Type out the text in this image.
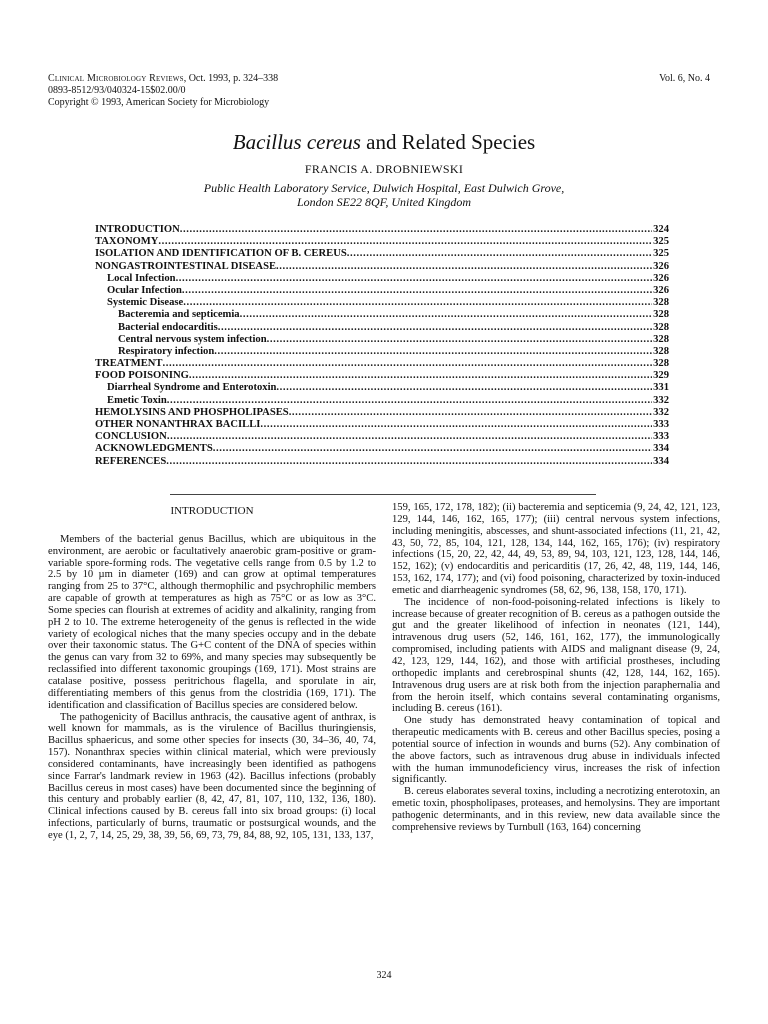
Clinical Microbiology Reviews, Oct. 1993, p. 324–338
0893-8512/93/040324-15$02.00/0
Copyright © 1993, American Society for Microbiology
Vol. 6, No. 4
Bacillus cereus and Related Species
FRANCIS A. DROBNIEWSKI
Public Health Laboratory Service, Dulwich Hospital, East Dulwich Grove,
London SE22 8QF, United Kingdom
INTRODUCTION .....	324
TAXONOMY .....	325
ISOLATION AND IDENTIFICATION OF B. CEREUS .....	325
NONGASTROINTESTINAL DISEASE .....	326
Local Infection .....	326
Ocular Infection .....	326
Systemic Disease .....	328
Bacteremia and septicemia .....	328
Bacterial endocarditis .....	328
Central nervous system infection .....	328
Respiratory infection .....	328
TREATMENT .....	328
FOOD POISONING .....	329
Diarrheal Syndrome and Enterotoxin .....	331
Emetic Toxin .....	332
HEMOLYSINS AND PHOSPHOLIPASES .....	332
OTHER NONANTHRAX BACILLI .....	333
CONCLUSION .....	333
ACKNOWLEDGMENTS .....	334
REFERENCES .....	334
INTRODUCTION

Members of the bacterial genus Bacillus, which are ubiquitous in the environment, are aerobic or facultatively anaerobic gram-positive or gram-variable spore-forming rods. The vegetative cells range from 0.5 by 1.2 to 2.5 by 10 µm in diameter (169) and can grow at optimal temperatures ranging from 25 to 37°C, although thermophilic and psychrophilic members are capable of growth at temperatures as high as 75°C or as low as 3°C. Some species can flourish at extremes of acidity and alkalinity, ranging from pH 2 to 10. The extreme heterogeneity of the genus is reflected in the wide variety of ecological niches that the many species occupy and in the debate over their taxonomic status. The G+C content of the DNA of species within the genus can vary from 32 to 69%, and many species may subsequently be reclassified into different taxonomic groupings (169, 171). Most strains are catalase positive, possess peritrichous flagella, and sporulate in air, differentiating members of this genus from the clostridia (169, 171). The identification and classification of Bacillus species are considered below.

The pathogenicity of Bacillus anthracis, the causative agent of anthrax, is well known for mammals, as is the virulence of Bacillus thuringiensis, Bacillus sphaericus, and some other species for insects (30, 34–36, 40, 74, 157). Nonanthrax species within clinical material, which were previously considered contaminants, have increasingly been identified as pathogens since Farrar's landmark review in 1963 (42). Bacillus infections (probably Bacillus cereus in most cases) have been documented since the beginning of this century and probably earlier (8, 42, 47, 81, 107, 110, 132, 136, 180). Clinical infections caused by B. cereus fall into six broad groups: (i) local infections, particularly of burns, traumatic or postsurgical wounds, and the eye (1, 2, 7, 14, 25, 29, 38, 39, 56, 69, 73, 79, 84, 88, 92, 105, 131, 133, 137,

159, 165, 172, 178, 182); (ii) bacteremia and septicemia (9, 24, 42, 121, 123, 129, 144, 146, 162, 165, 177); (iii) central nervous system infections, including meningitis, abscesses, and shunt-associated infections (11, 21, 42, 43, 50, 72, 85, 104, 121, 128, 134, 144, 162, 165, 176); (iv) respiratory infections (15, 20, 22, 42, 44, 49, 53, 89, 94, 103, 121, 123, 128, 144, 146, 152, 162); (v) endocarditis and pericarditis (17, 26, 42, 48, 119, 144, 146, 153, 162, 174, 177); and (vi) food poisoning, characterized by toxin-induced emetic and diarrheagenic syndromes (58, 62, 96, 138, 158, 170, 171).

The incidence of non-food-poisoning-related infections is likely to increase because of greater recognition of B. cereus as a pathogen outside the gut and the greater likelihood of infection in neonates (121, 144), intravenous drug users (52, 146, 161, 162, 177), the immunologically compromised, including patients with AIDS and malignant disease (9, 24, 42, 123, 129, 144, 162), and those with artificial prostheses, including orthopedic implants and cerebrospinal shunts (42, 128, 144, 162, 165). Intravenous drug users are at risk both from the injection paraphernalia and from the heroin itself, which contains several contaminating organisms, including B. cereus (161).

One study has demonstrated heavy contamination of topical and therapeutic medicaments with B. cereus and other Bacillus species, posing a potential source of infection in wounds and burns (52). Any combination of the above factors, such as intravenous drug abuse in individuals infected with the human immunodeficiency virus, increases the risk of infection significantly.

B. cereus elaborates several toxins, including a necrotizing enterotoxin, an emetic toxin, phospholipases, proteases, and hemolysins. They are important pathogenic determinants, and in this review, new data available since the comprehensive reviews by Turnbull (163, 164) concerning

324
